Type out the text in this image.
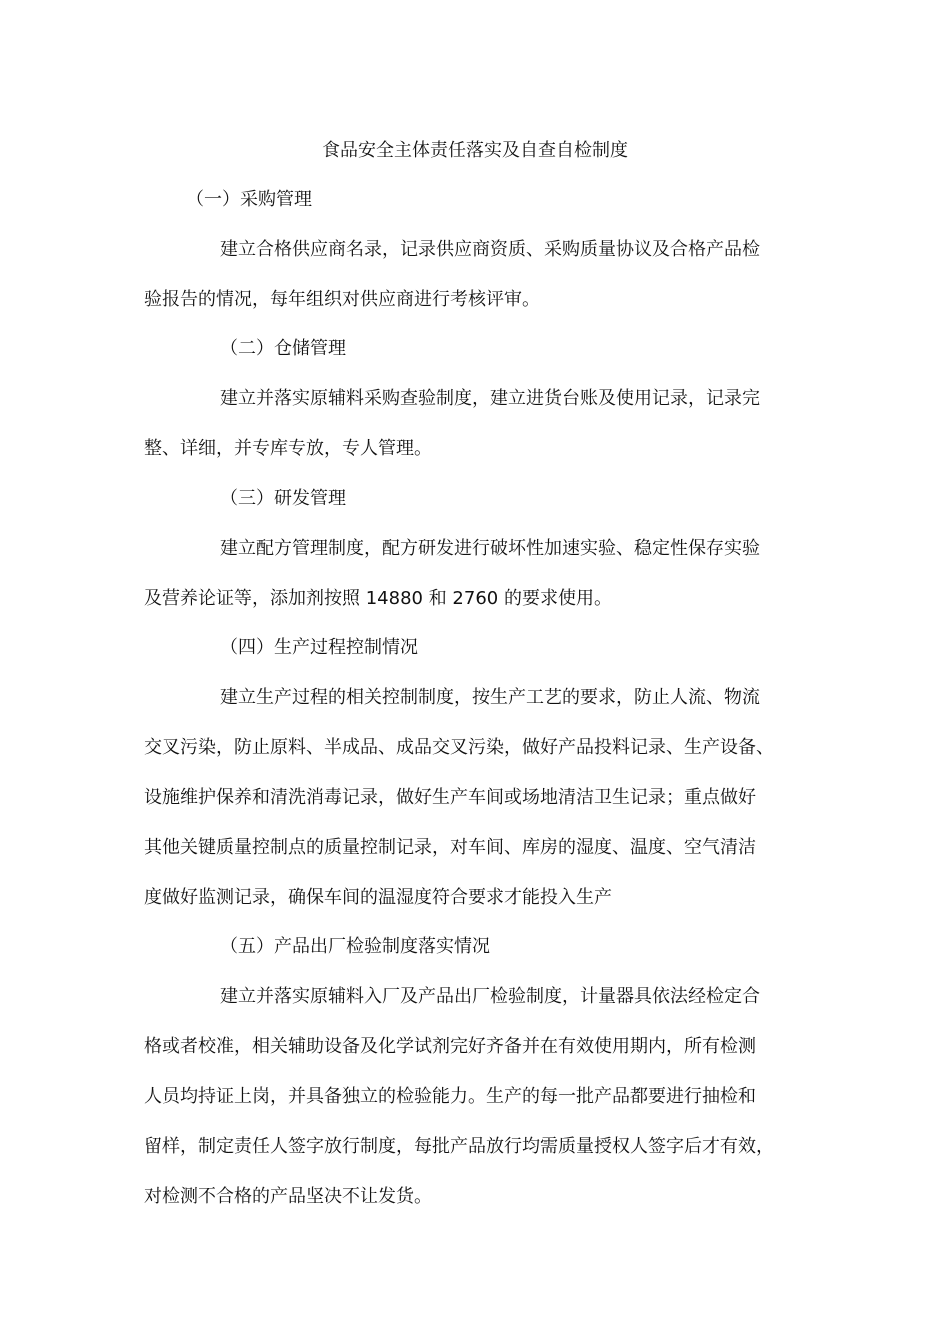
食品安全主体责任落实及自查自检制度
（一）采购管理
建立合格供应商名录，记录供应商资质、采购质量协议及合格产品检
验报告的情况，每年组织对供应商进行考核评审。
（二）仓储管理
建立并落实原辅料采购查验制度，建立进货台账及使用记录，记录完
整、详细，并专库专放，专人管理。
（三）研发管理
建立配方管理制度，配方研发进行破坏性加速实验、稳定性保存实验
及营养论证等，添加剂按照 14880 和 2760 的要求使用。
（四）生产过程控制情况
建立生产过程的相关控制制度，按生产工艺的要求，防止人流、物流
交叉污染，防止原料、半成品、成品交叉污染，做好产品投料记录、生产设备、
设施维护保养和清洗消毒记录，做好生产车间或场地清洁卫生记录；重点做好
其他关键质量控制点的质量控制记录，对车间、库房的湿度、温度、空气清洁
度做好监测记录，确保车间的温湿度符合要求才能投入生产
（五）产品出厂检验制度落实情况
建立并落实原辅料入厂及产品出厂检验制度，计量器具依法经检定合
格或者校准，相关辅助设备及化学试剂完好齐备并在有效使用期内，所有检测
人员均持证上岗，并具备独立的检验能力。生产的每一批产品都要进行抽检和
留样，制定责任人签字放行制度，每批产品放行均需质量授权人签字后才有效，
对检测不合格的产品坚决不让发货。
